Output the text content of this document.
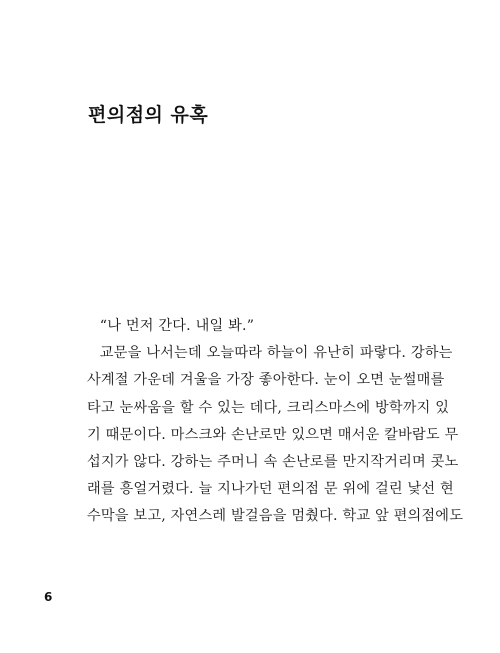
편의점의 유혹
“나 먼저 간다. 내일 봐.”
교문을 나서는데 오늘따라 하늘이 유난히 파랗다. 강하는
사계절 가운데 겨울을 가장 좋아한다. 눈이 오면 눈썰매를
타고 눈싸움을 할 수 있는 데다, 크리스마스에 방학까지 있
기 때문이다. 마스크와 손난로만 있으면 매서운 칼바람도 무
섭지가 않다. 강하는 주머니 속 손난로를 만지작거리며 콧노
래를 흥얼거렸다. 늘 지나가던 편의점 문 위에 걸린 낯선 현
수막을 보고, 자연스레 발걸음을 멈췄다. 학교 앞 편의점에도
6
